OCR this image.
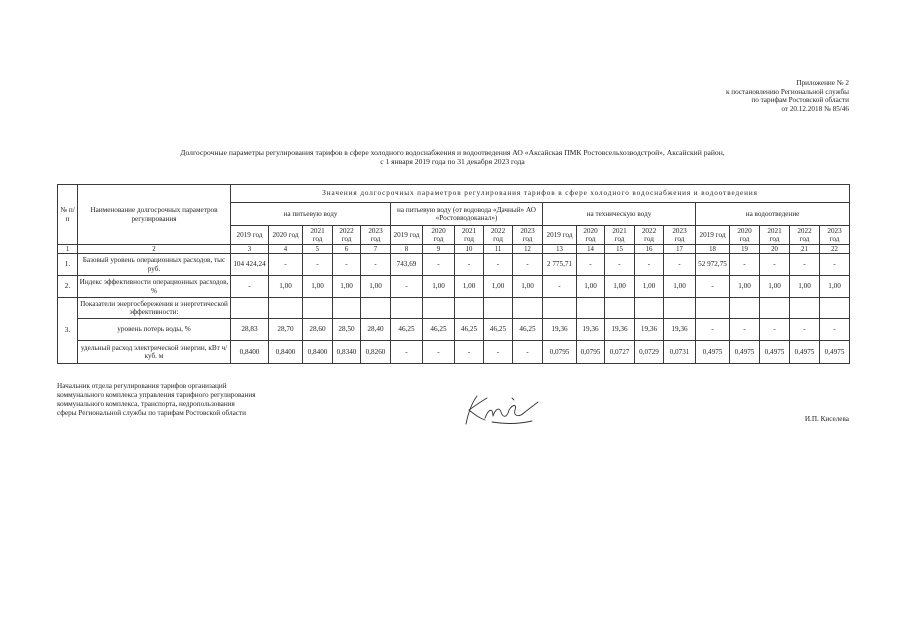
Приложение № 2
к постановлению Региональной службы
по тарифам Ростовской области
от 20.12.2018 № 85/46
Долгосрочные параметры регулирования тарифов в сфере холодного водоснабжения и водоотведения АО «Аксайская ПМК Ростовсельхозводстрой», Аксайский район,
с 1 января 2019 года по 31 декабря 2023 года
№ п/п	Наименование долгосрочных параметров регулирования	Значения долгосрочных параметров регулирования тарифов в сфере холодного водоснабжения и водоотведения																			
		на питьевую воду					на питьевую воду (от водовода «Дачный» АО «Ростовводоканал»)					на техническую воду					на водоотведение				
		2019 год	2020 год	2021 год	2022 год	2023 год	2019 год	2020 год	2021 год	2022 год	2023 год	2019 год	2020 год	2021 год	2022 год	2023 год	2019 год	2020 год	2021 год	2022 год	2023 год
1	2	3	4	5	6	7	8	9	10	11	12	13	14	15	16	17	18	19	20	21	22
1.	Базовый уровень операционных расходов, тыс руб.	104 424,24	-	-	-	-	743,69	-	-	-	-	2 775,71	-	-	-	-	52 972,75	-	-	-	-
2.	Индекс эффективности операционных расходов, %	-	1,00	1,00	1,00	1,00	-	1,00	1,00	1,00	1,00	-	1,00	1,00	1,00	1,00	-	1,00	1,00	1,00	1,00
3.	Показатели энергосбережения и энергетической эффективности:																				
	уровень потерь воды, %	28,83	28,70	28,60	28,50	28,40	46,25	46,25	46,25	46,25	46,25	19,36	19,36	19,36	19,36	19,36	-	-	-	-	-
	удельный расход электрической энергии, кВт ч/куб. м	0,8400	0,8400	0,8400	0,8340	0,8260	-	-	-	-	-	0,0795	0,0795	0,0727	0,0729	0,0731	0,4975	0,4975	0,4975	0,4975	0,4975
Начальник отдела регулирования тарифов организаций
коммунального комплекса управления тарифного регулирования
коммунального комплекса, транспорта, недропользования
сферы Региональной службы по тарифам Ростовской области
И.П. Киселева
